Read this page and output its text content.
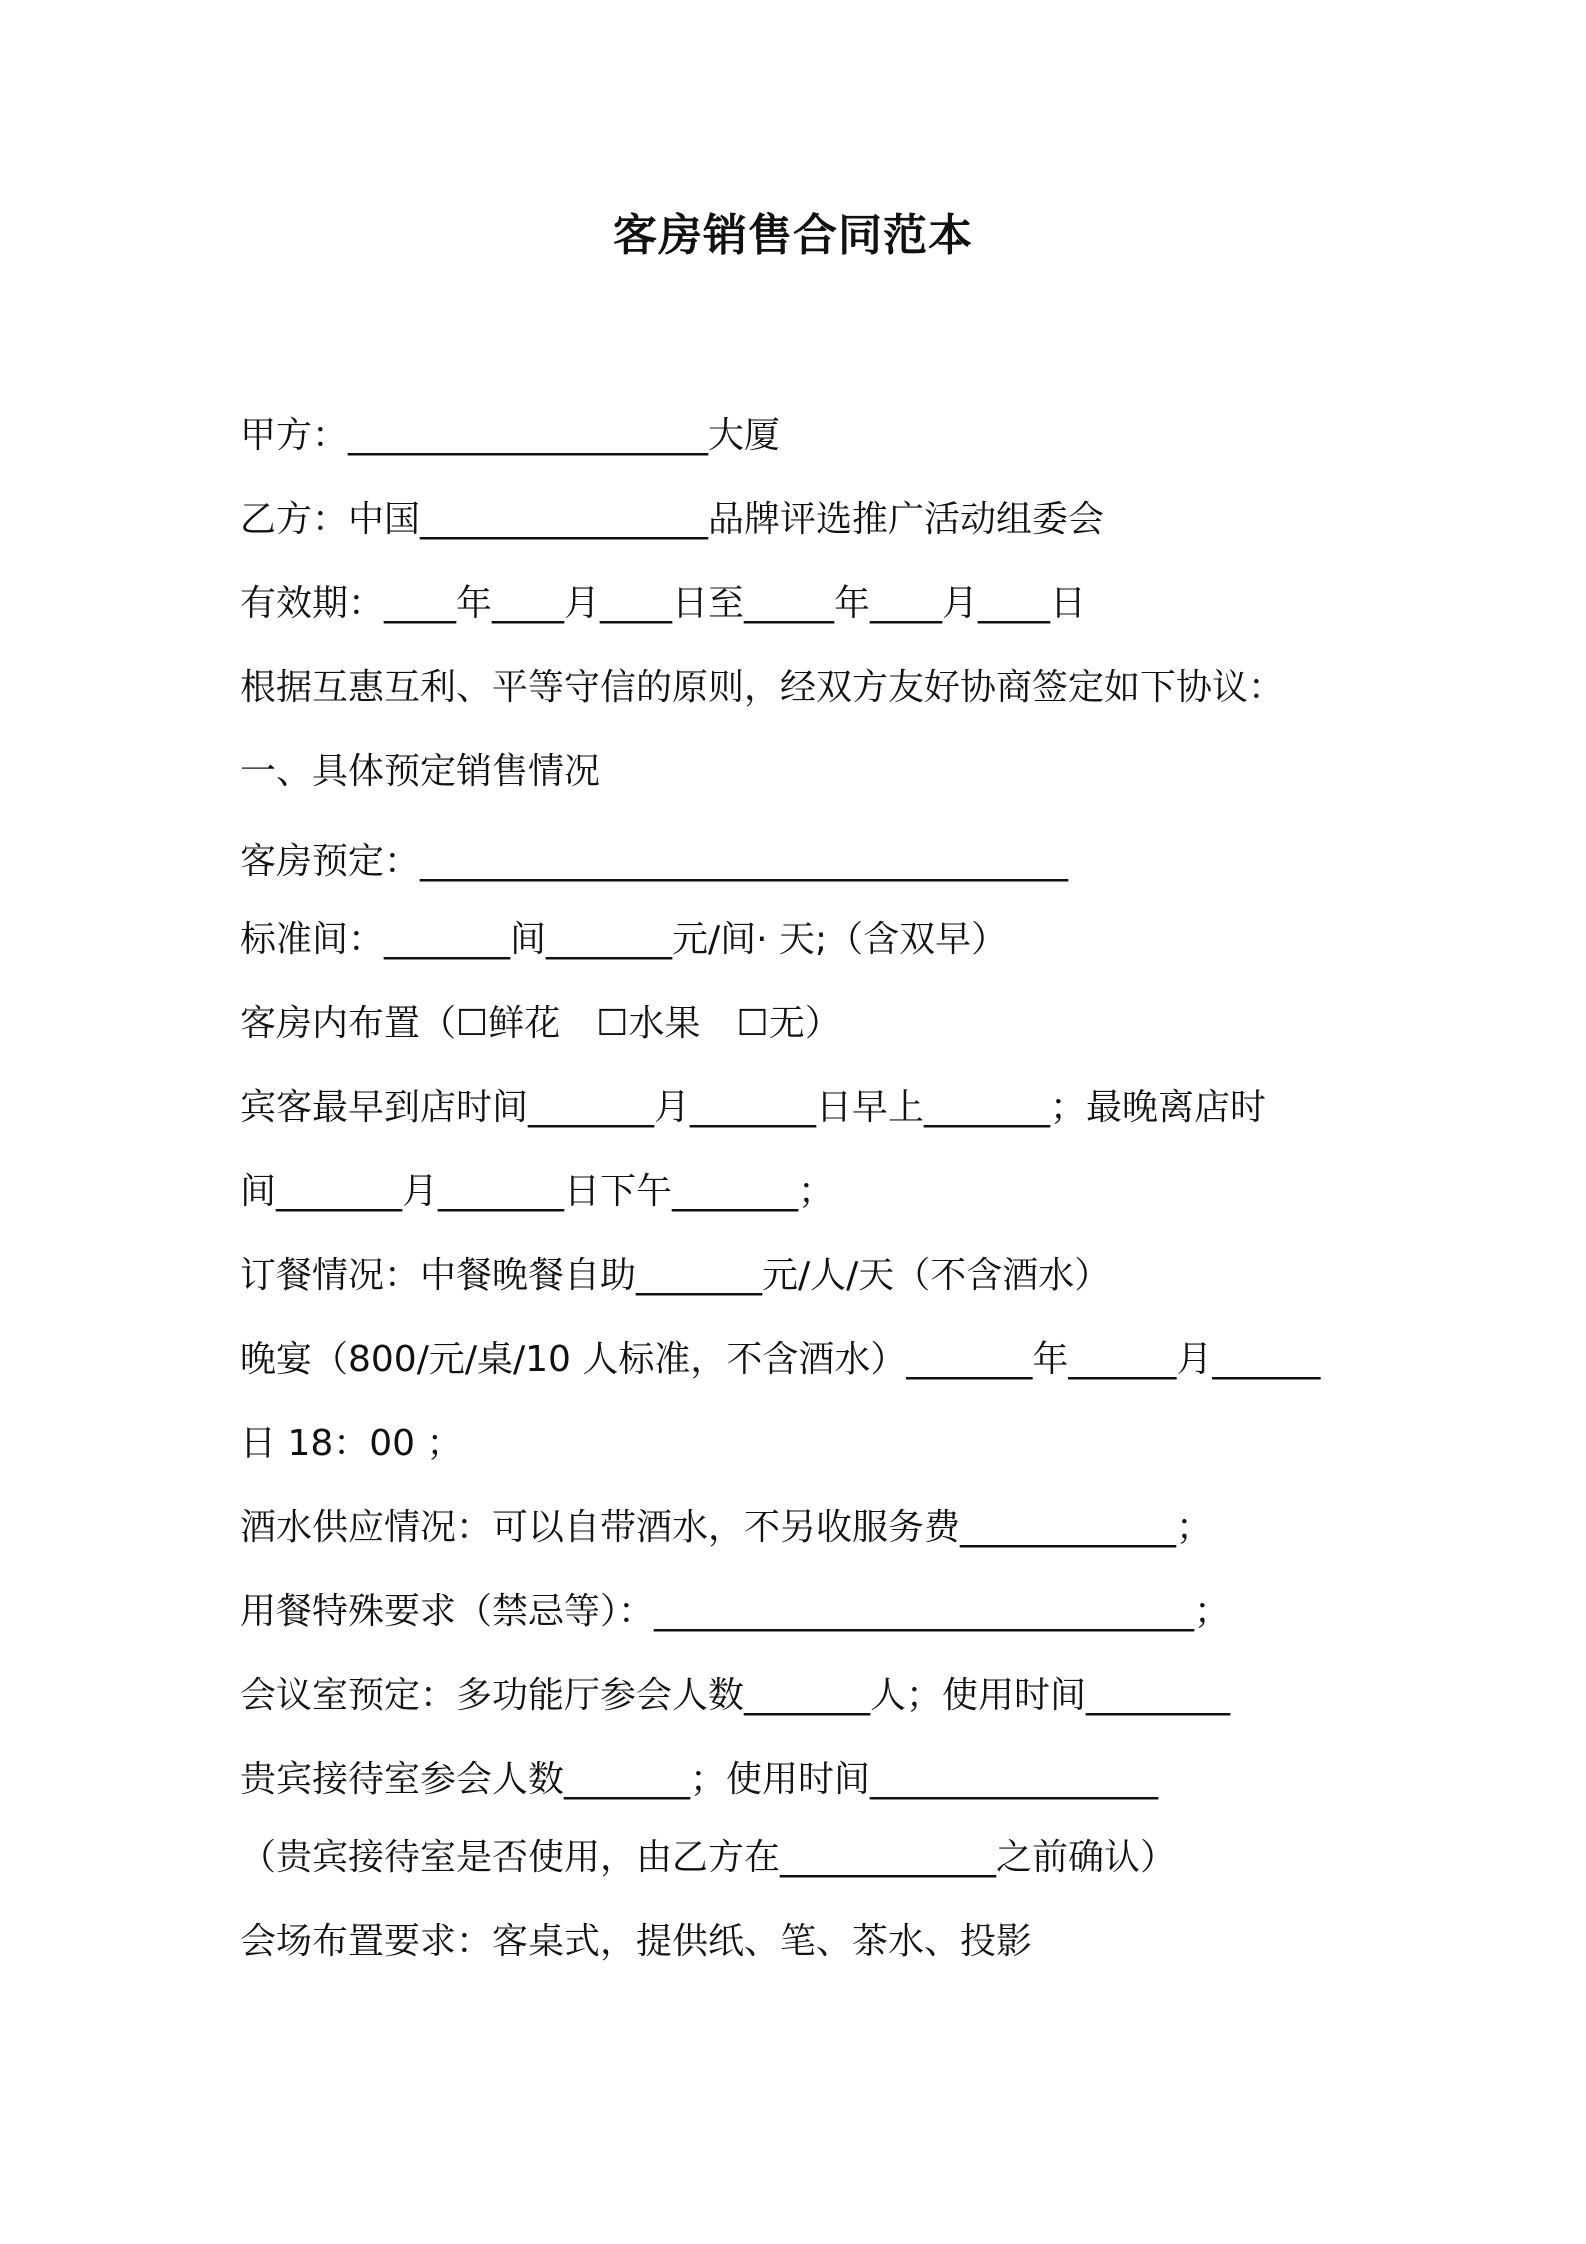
客房销售合同范本
甲方：____________________大厦
乙方：中国________________品牌评选推广活动组委会
有效期：____年____月____日至_____年____月____日
根据互惠互利、平等守信的原则，经双方友好协商签定如下协议：
一、具体预定销售情况
客房预定：____________________________________
标准间：_______间_______元/间· 天;（含双早）
客房内布置（☐鲜花　☐水果　☐无）
宾客最早到店时间_______月_______日早上_______；最晚离店时
间_______月_______日下午_______；
订餐情况：中餐晚餐自助_______元/人/天（不含酒水）
晚宴（800/元/桌/10 人标准，不含酒水）_______年______月______
日 18：00 ；
酒水供应情况：可以自带酒水，不另收服务费____________；
用餐特殊要求（禁忌等）：______________________________；
会议室预定：多功能厅参会人数_______人；使用时间________
贵宾接待室参会人数_______；使用时间________________
（贵宾接待室是否使用，由乙方在____________之前确认）
会场布置要求：客桌式，提供纸、笔、茶水、投影
